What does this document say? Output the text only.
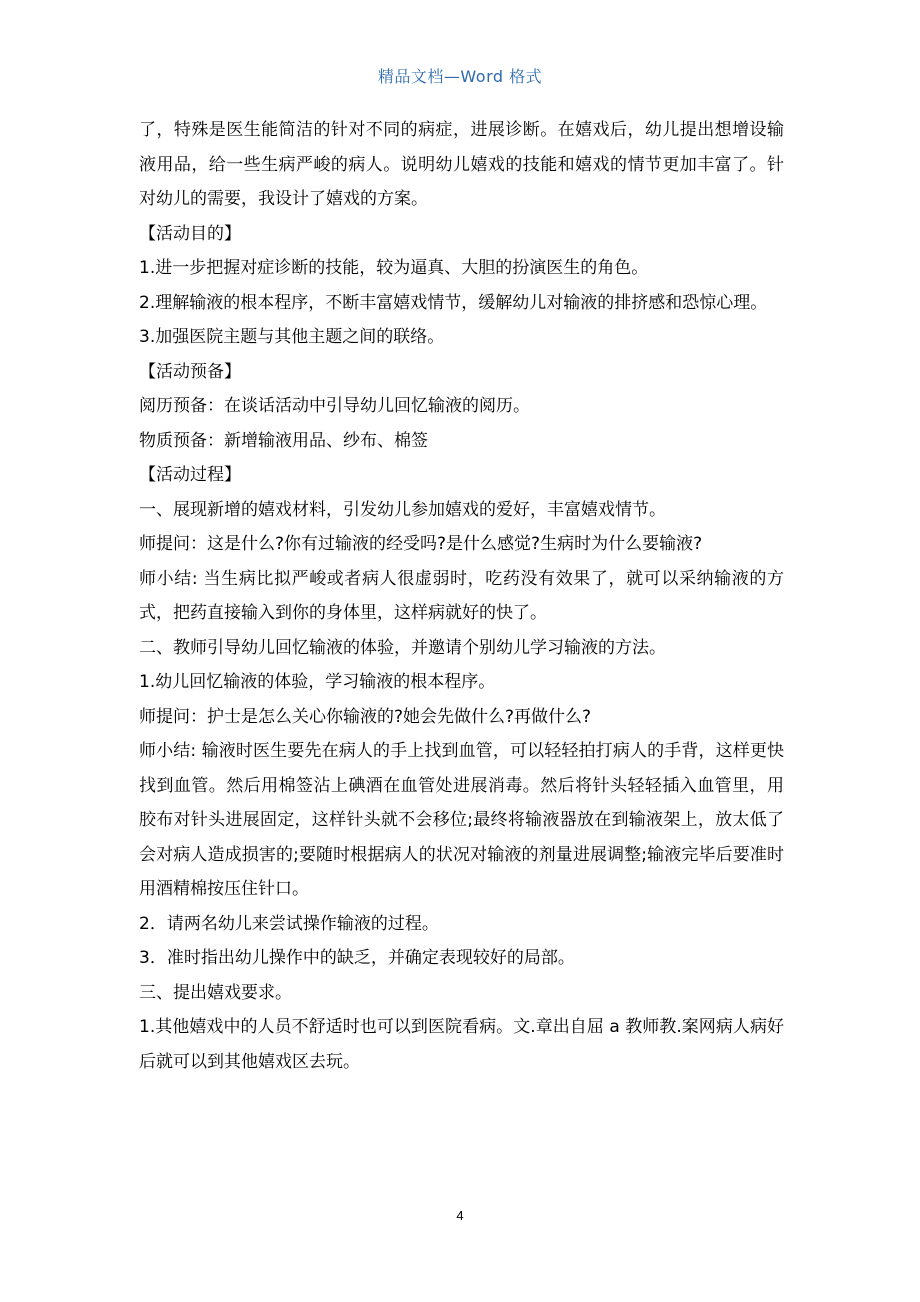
精品文档—Word 格式

了，特殊是医生能简洁的针对不同的病症，进展诊断。在嬉戏后，幼儿提出想增设输液用品，给一些生病严峻的病人。说明幼儿嬉戏的技能和嬉戏的情节更加丰富了。针对幼儿的需要，我设计了嬉戏的方案。

【活动目的】

1.进一步把握对症诊断的技能，较为逼真、大胆的扮演医生的角色。

2.理解输液的根本程序，不断丰富嬉戏情节，缓解幼儿对输液的排挤感和恐惊心理。

3.加强医院主题与其他主题之间的联络。

【活动预备】

阅历预备：在谈话活动中引导幼儿回忆输液的阅历。

物质预备：新增输液用品、纱布、棉签

【活动过程】

一、展现新增的嬉戏材料，引发幼儿参加嬉戏的爱好，丰富嬉戏情节。

师提问：这是什么?你有过输液的经受吗?是什么感觉?生病时为什么要输液?

师小结: 当生病比拟严峻或者病人很虚弱时，吃药没有效果了，就可以采纳输液的方式，把药直接输入到你的身体里，这样病就好的快了。

二、教师引导幼儿回忆输液的体验，并邀请个别幼儿学习输液的方法。

1.幼儿回忆输液的体验，学习输液的根本程序。

师提问：护士是怎么关心你输液的?她会先做什么?再做什么?

师小结: 输液时医生要先在病人的手上找到血管，可以轻轻拍打病人的手背，这样更快找到血管。然后用棉签沾上碘酒在血管处进展消毒。然后将针头轻轻插入血管里，用胶布对针头进展固定，这样针头就不会移位;最终将输液器放在到输液架上，放太低了会对病人造成损害的;要随时根据病人的状况对输液的剂量进展调整;输液完毕后要准时用酒精棉按压住针口。

2．请两名幼儿来尝试操作输液的过程。

3．准时指出幼儿操作中的缺乏，并确定表现较好的局部。

三、提出嬉戏要求。

1.其他嬉戏中的人员不舒适时也可以到医院看病。文.章出自屈 a 教师教.案网病人病好后就可以到其他嬉戏区去玩。

4
